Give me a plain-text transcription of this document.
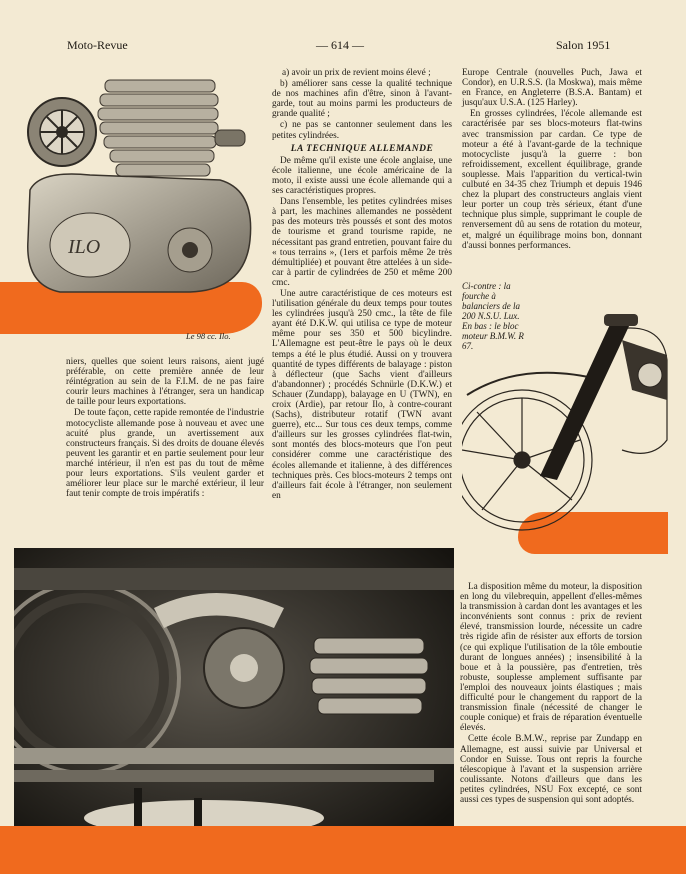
Moto-Revue	— 614 —	Salon 1951
ILO
Le 98 cc. Ilo.

a) avoir un prix de revient moins élevé ;

b) améliorer sans cesse la qualité technique de nos machines afin d'être, sinon à l'avant-garde, tout au moins parmi les producteurs de grande qualité ;

c) ne pas se cantonner seulement dans les petites cylindrées.

LA TECHNIQUE ALLEMANDE

De même qu'il existe une école anglaise, une école italienne, une école américaine de la moto, il existe aussi une école allemande qui a ses caractéristiques propres.

Dans l'ensemble, les petites cylindrées mises à part, les machines allemandes ne possèdent pas des moteurs très poussés et sont des motos de tourisme et grand tourisme rapide, ne nécessitant pas grand entretien, pouvant faire du « tous terrains », (1ers et parfois même 2e très démultipliée) et pouvant être attelées à un side-car à partir de cylindrées de 250 et même 200 cmc.

Une autre caractéristique de ces moteurs est l'utilisation générale du deux temps pour toutes les cylindrées jusqu'à 250 cmc., la tête de file ayant été D.K.W. qui utilisa ce type de moteur même pour ses 350 et 500 bicylindre. L'Allemagne est peut-être le pays où le deux temps a été le plus étudié. Aussi on y trouvera quantité de types différents de balayage : piston à déflecteur (que Sachs vient d'ailleurs d'abandonner) ; procédés Schnürle (D.K.W.) et Schauer (Zundapp), balayage en U (TWN), en croix (Ardie), par retour Ilo, à contre-courant (Sachs), distributeur rotatif (TWN avant guerre), etc... Sur tous ces deux temps, comme d'ailleurs sur les grosses cylindrées flat-twin, sont montés des blocs-moteurs que l'on peut considérer comme une caractéristique des écoles allemande et italienne, à des différences techniques près. Ces blocs-moteurs 2 temps ont d'ailleurs fait école à l'étranger, non seulement en

niers, quelles que soient leurs raisons, aient jugé préférable, on cette première année de leur réintégration au sein de la F.I.M. de ne pas faire courir leurs machines à l'étranger, sera un handicap de taille pour leurs exportations.

De toute façon, cette rapide remontée de l'industrie motocycliste allemande pose à nouveau et avec une acuité plus grande, un avertissement aux constructeurs français. Si des droits de douane élevés peuvent les garantir et en partie seulement pour leur marché intérieur, il n'en est pas du tout de même pour leurs exportations. S'ils veulent garder et améliorer leur place sur le marché extérieur, il leur faut tenir compte de trois impératifs :

Europe Centrale (nouvelles Puch, Jawa et Condor), en U.R.S.S. (la Moskwa), mais même en France, en Angleterre (B.S.A. Bantam) et jusqu'aux U.S.A. (125 Harley).

En grosses cylindrées, l'école allemande est caractérisée par ses blocs-moteurs flat-twins avec transmission par cardan. Ce type de moteur a été à l'avant-garde de la technique motocycliste jusqu'à la guerre : bon refroidissement, excellent équilibrage, grande souplesse. Mais l'apparition du vertical-twin culbuté en 34-35 chez Triumph et depuis 1946 chez la plupart des constructeurs anglais vient leur porter un coup très sérieux, étant d'une technique plus simple, supprimant le couple de renversement dû au sens de rotation du moteur, et, malgré un équilibrage moins bon, donnant d'aussi bonnes performances.

Ci-contre : la fourche à balanciers de la 200 N.S.U. Lux. En bas : le bloc moteur B.M.W. R 67.

La disposition même du moteur, la disposition en long du vilebrequin, appellent d'elles-mêmes la transmission à cardan dont les avantages et les inconvénients sont connus : prix de revient élevé, transmission lourde, nécessite un cadre très rigide afin de résister aux efforts de torsion (ce qui explique l'utilisation de la tôle emboutie durant de longues années) ; insensibilité à la boue et à la poussière, pas d'entretien, très robuste, souplesse amplement suffisante par l'emploi des nouveaux joints élastiques ; mais difficulté pour le changement du rapport de la transmission finale (nécessité de changer le couple conique) et frais de réparation éventuelle élevés.

Cette école B.M.W., reprise par Zundapp en Allemagne, est aussi suivie par Universal et Condor en Suisse. Tous ont repris la fourche télescopique à l'avant et la suspension arrière coulissante. Notons d'ailleurs que dans les petites cylindrées, NSU Fox excepté, ce sont aussi ces types de suspension qui sont adoptés.
